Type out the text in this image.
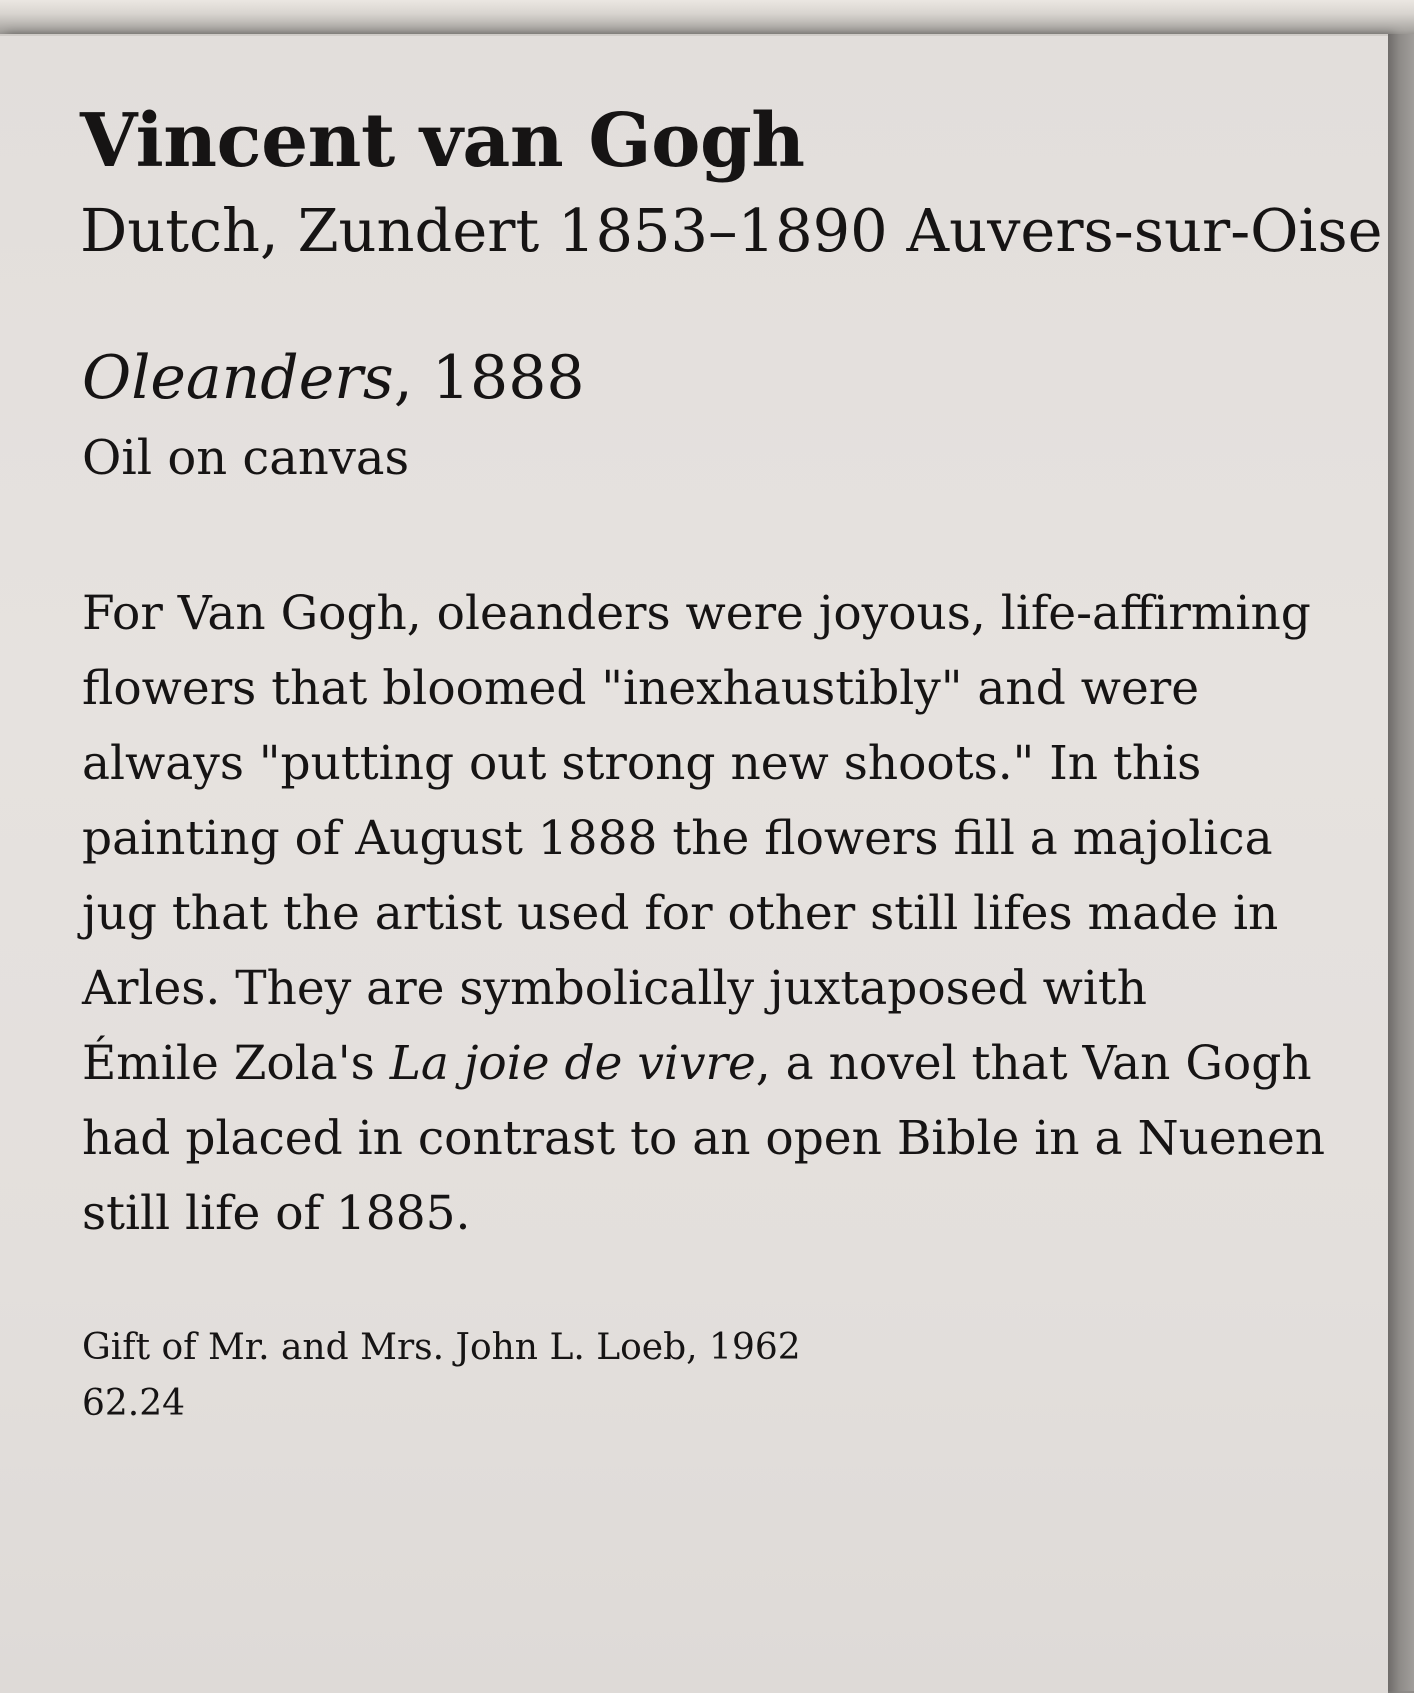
Vincent van Gogh

Dutch, Zundert 1853–1890 Auvers-sur-Oise

Oleanders, 1888

Oil on canvas

For Van Gogh, oleanders were joyous, life-affirming
flowers that bloomed "inexhaustibly" and were
always "putting out strong new shoots." In this
painting of August 1888 the flowers fill a majolica
jug that the artist used for other still lifes made in
Arles. They are symbolically juxtaposed with
Émile Zola's La joie de vivre, a novel that Van Gogh
had placed in contrast to an open Bible in a Nuenen
still life of 1885.
Gift of Mr. and Mrs. John L. Loeb, 1962
62.24
